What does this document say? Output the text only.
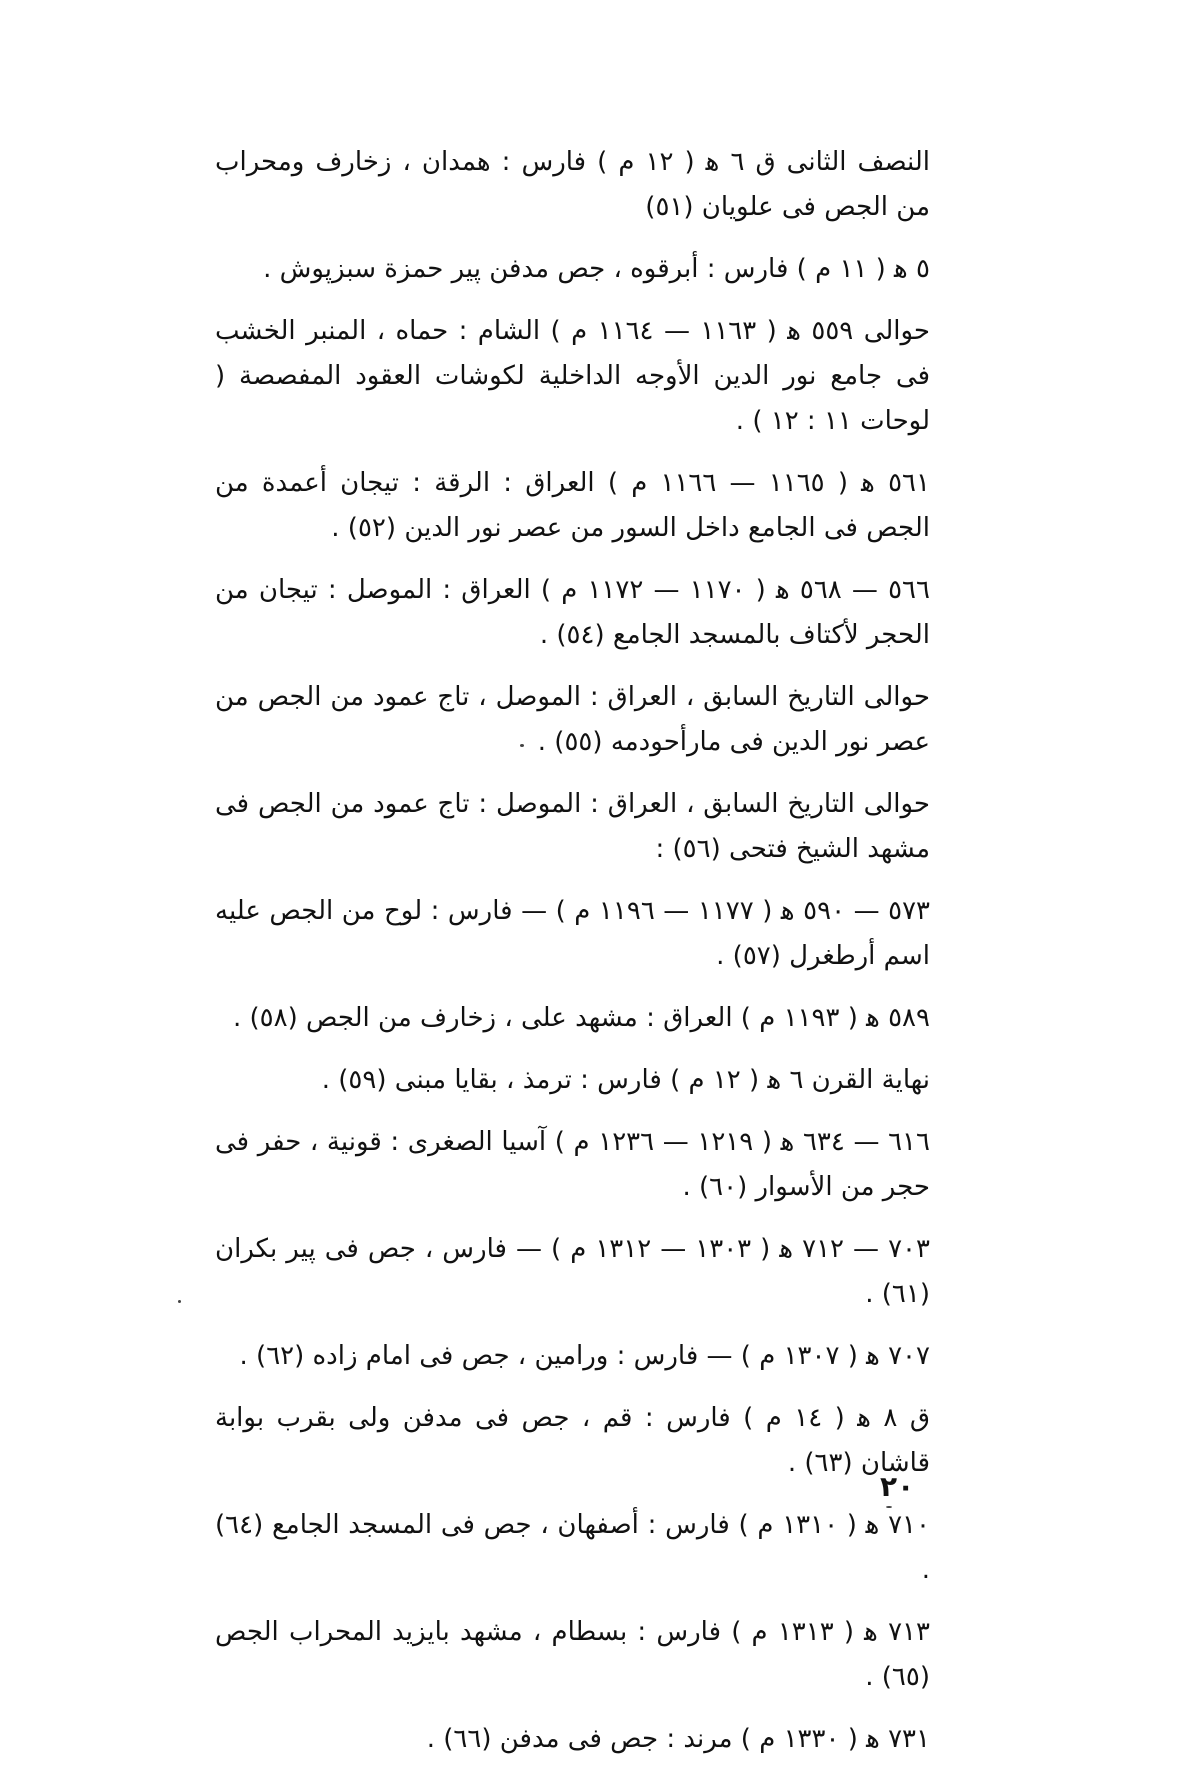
النصف الثانى ق ٦ ﻫ ( ١٢ م ) فارس : همدان ، زخارف ومحراب من الجص فى علويان (٥١)

٥ ﻫ ( ١١ م ) فارس : أبرقوه ، جص مدفن پير حمزة سبزپوش .

حوالى ٥٥٩ ﻫ ( ١١٦٣ — ١١٦٤ م ) الشام : حماه ، المنبر الخشب فى جامع نور الدين الأوجه الداخلية لكوشات العقود المفصصة ( لوحات ١١ : ١٢ ) .

٥٦١ ﻫ ( ١١٦٥ — ١١٦٦ م ) العراق : الرقة : تيجان أعمدة من الجص فى الجامع داخل السور من عصر نور الدين (٥٢) .

٥٦٦ — ٥٦٨ ﻫ ( ١١٧٠ — ١١٧٢ م ) العراق : الموصل : تيجان من الحجر لأكتاف بالمسجد الجامع (٥٤) .

حوالى التاريخ السابق ، العراق : الموصل ، تاج عمود من الجص من عصر نور الدين فى مارأحودمه (٥٥) .

حوالى التاريخ السابق ، العراق : الموصل : تاج عمود من الجص فى مشهد الشيخ فتحى (٥٦) :

٥٧٣ — ٥٩٠ ﻫ ( ١١٧٧ — ١١٩٦ م ) — فارس : لوح من الجص عليه اسم أرطغرل (٥٧) .

٥٨٩ ﻫ ( ١١٩٣ م ) العراق : مشهد على ، زخارف من الجص (٥٨) .

نهاية القرن ٦ ﻫ ( ١٢ م ) فارس : ترمذ ، بقايا مبنى (٥٩) .

٦١٦ — ٦٣٤ ﻫ ( ١٢١٩ — ١٢٣٦ م ) آسيا الصغرى : قونية ، حفر فى حجر من الأسوار (٦٠) .

٧٠٣ — ٧١٢ ﻫ ( ١٣٠٣ — ١٣١٢ م ) — فارس ، جص فى پير بكران (٦١) .

٧٠٧ ﻫ ( ١٣٠٧ م ) — فارس : ورامين ، جص فى امام زاده (٦٢) .

ق ٨ ﻫ ( ١٤ م ) فارس : قم ، جص فى مدفن ولى بقرب بوابة قاشان (٦٣) .

٧١٠ ﻫ ( ١٣١٠ م ) فارس : أصفهان ، جص فى المسجد الجامع (٦٤) .

٧١٣ ﻫ ( ١٣١٣ م ) فارس : بسطام ، مشهد بايزيد المحراب الجص (٦٥) .

٧٣١ ﻫ ( ١٣٣٠ م ) مرند : جص فى مدفن (٦٦) .

٢٠
